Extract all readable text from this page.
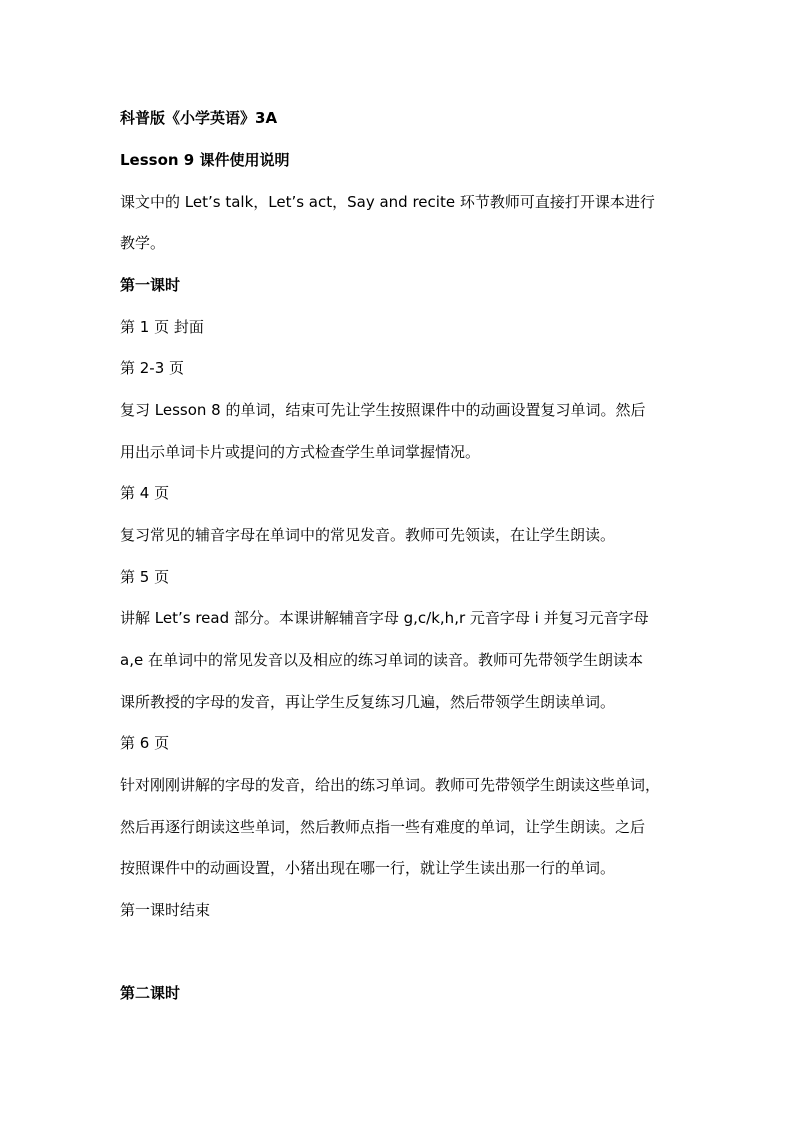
科普版《小学英语》3A
Lesson 9 课件使用说明
课文中的 Let’s talk，Let’s act，Say and recite 环节教师可直接打开课本进行
教学。
第一课时
第 1 页 封面
第 2-3 页
复习 Lesson 8 的单词，结束可先让学生按照课件中的动画设置复习单词。然后
用出示单词卡片或提问的方式检查学生单词掌握情况。
第 4 页
复习常见的辅音字母在单词中的常见发音。教师可先领读，在让学生朗读。
第 5 页
讲解 Let’s read 部分。本课讲解辅音字母 g,c/k,h,r 元音字母 i 并复习元音字母
a,e 在单词中的常见发音以及相应的练习单词的读音。教师可先带领学生朗读本
课所教授的字母的发音，再让学生反复练习几遍，然后带领学生朗读单词。
第 6 页
针对刚刚讲解的字母的发音，给出的练习单词。教师可先带领学生朗读这些单词，
然后再逐行朗读这些单词，然后教师点指一些有难度的单词，让学生朗读。之后
按照课件中的动画设置，小猪出现在哪一行，就让学生读出那一行的单词。
第一课时结束
第二课时
